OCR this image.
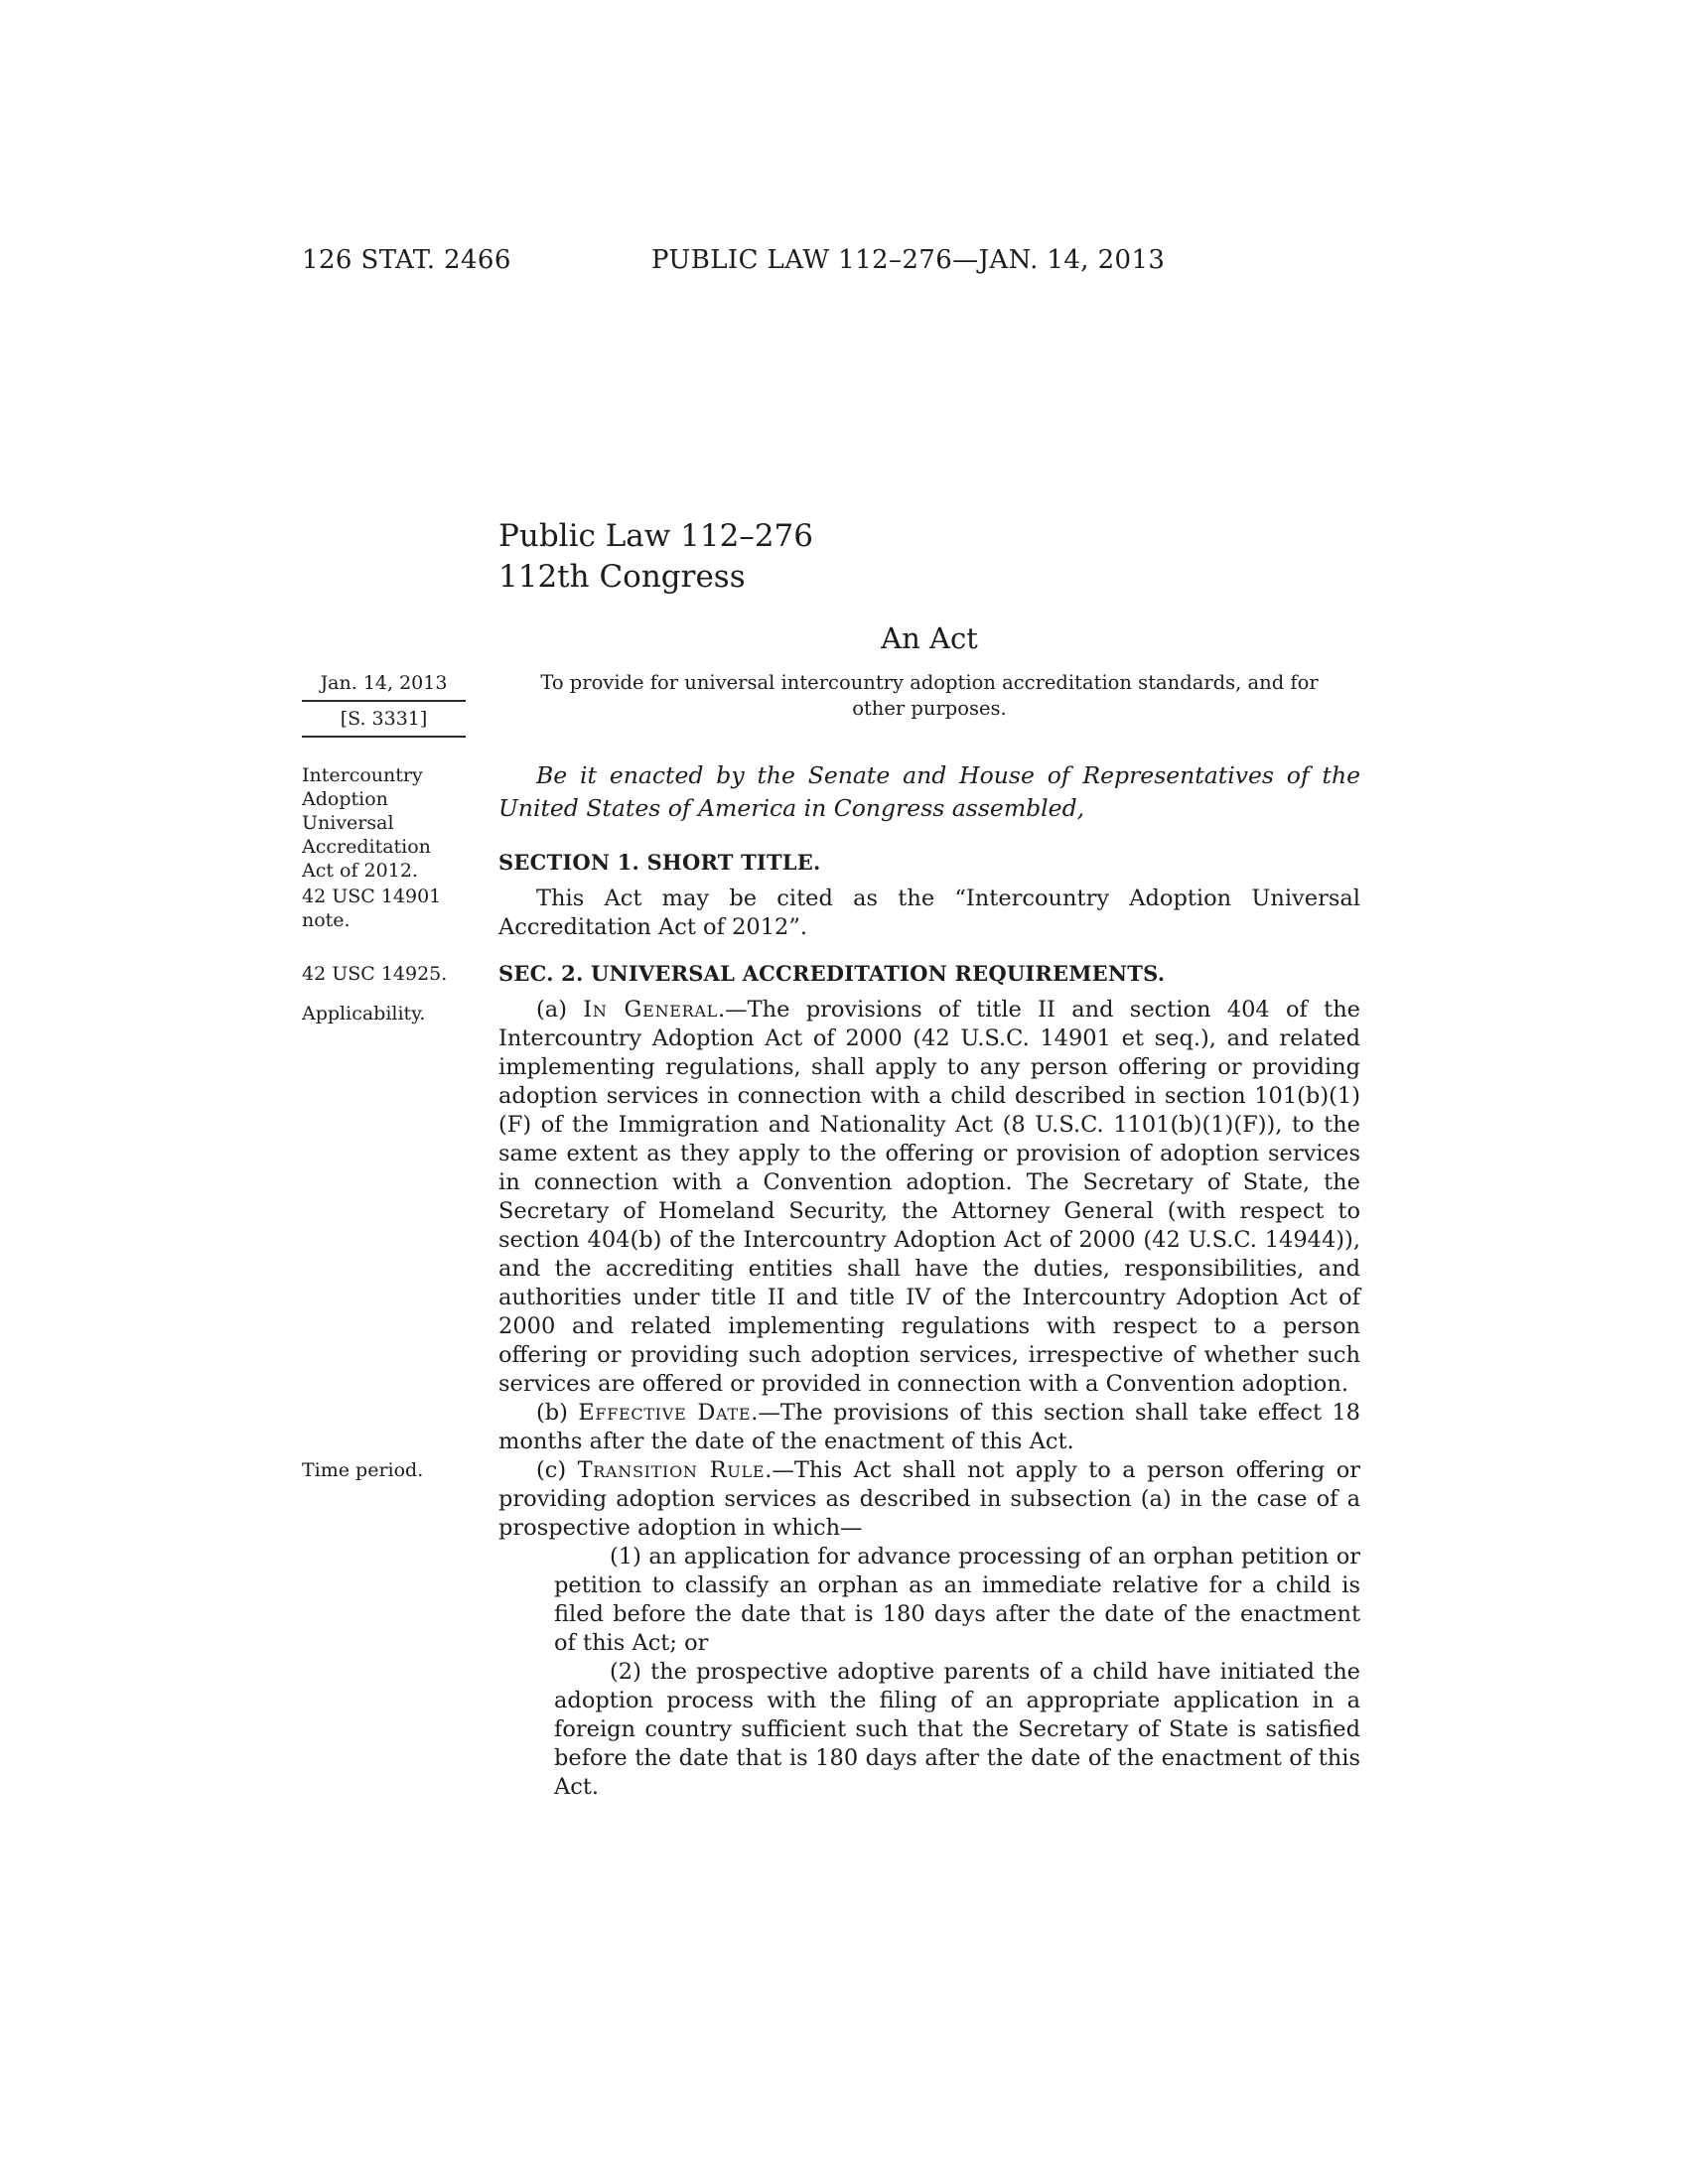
126 STAT. 2466	PUBLIC LAW 112–276—JAN. 14, 2013
Public Law 112–276
112th Congress
An Act
Jan. 14, 2013
[S. 3331]
To provide for universal intercountry adoption accreditation standards, and for other purposes.

Intercountry Adoption Universal Accreditation Act of 2012.

42 USC 14901 note.

Be it enacted by the Senate and House of Representatives of the United States of America in Congress assembled,

SECTION 1. SHORT TITLE.

This Act may be cited as the “Intercountry Adoption Universal Accreditation Act of 2012”.

42 USC 14925.	SEC. 2. UNIVERSAL ACCREDITATION REQUIREMENTS.

Applicability.	(a) In General.—The provisions of title II and section 404 of the Intercountry Adoption Act of 2000 (42 U.S.C. 14901 et seq.), and related implementing regulations, shall apply to any person offering or providing adoption services in connection with a child described in section 101(b)(1)(F) of the Immigration and Nationality Act (8 U.S.C. 1101(b)(1)(F)), to the same extent as they apply to the offering or provision of adoption services in connection with a Convention adoption. The Secretary of State, the Secretary of Homeland Security, the Attorney General (with respect to section 404(b) of the Intercountry Adoption Act of 2000 (42 U.S.C. 14944)), and the accrediting entities shall have the duties, responsibilities, and authorities under title II and title IV of the Intercountry Adoption Act of 2000 and related implementing regulations with respect to a person offering or providing such adoption services, irrespective of whether such services are offered or provided in connection with a Convention adoption.

(b) Effective Date.—The provisions of this section shall take effect 18 months after the date of the enactment of this Act.

Time period.	(c) Transition Rule.—This Act shall not apply to a person offering or providing adoption services as described in subsection (a) in the case of a prospective adoption in which—

(1) an application for advance processing of an orphan petition or petition to classify an orphan as an immediate relative for a child is filed before the date that is 180 days after the date of the enactment of this Act; or

(2) the prospective adoptive parents of a child have initiated the adoption process with the filing of an appropriate application in a foreign country sufficient such that the Secretary of State is satisfied before the date that is 180 days after the date of the enactment of this Act.
